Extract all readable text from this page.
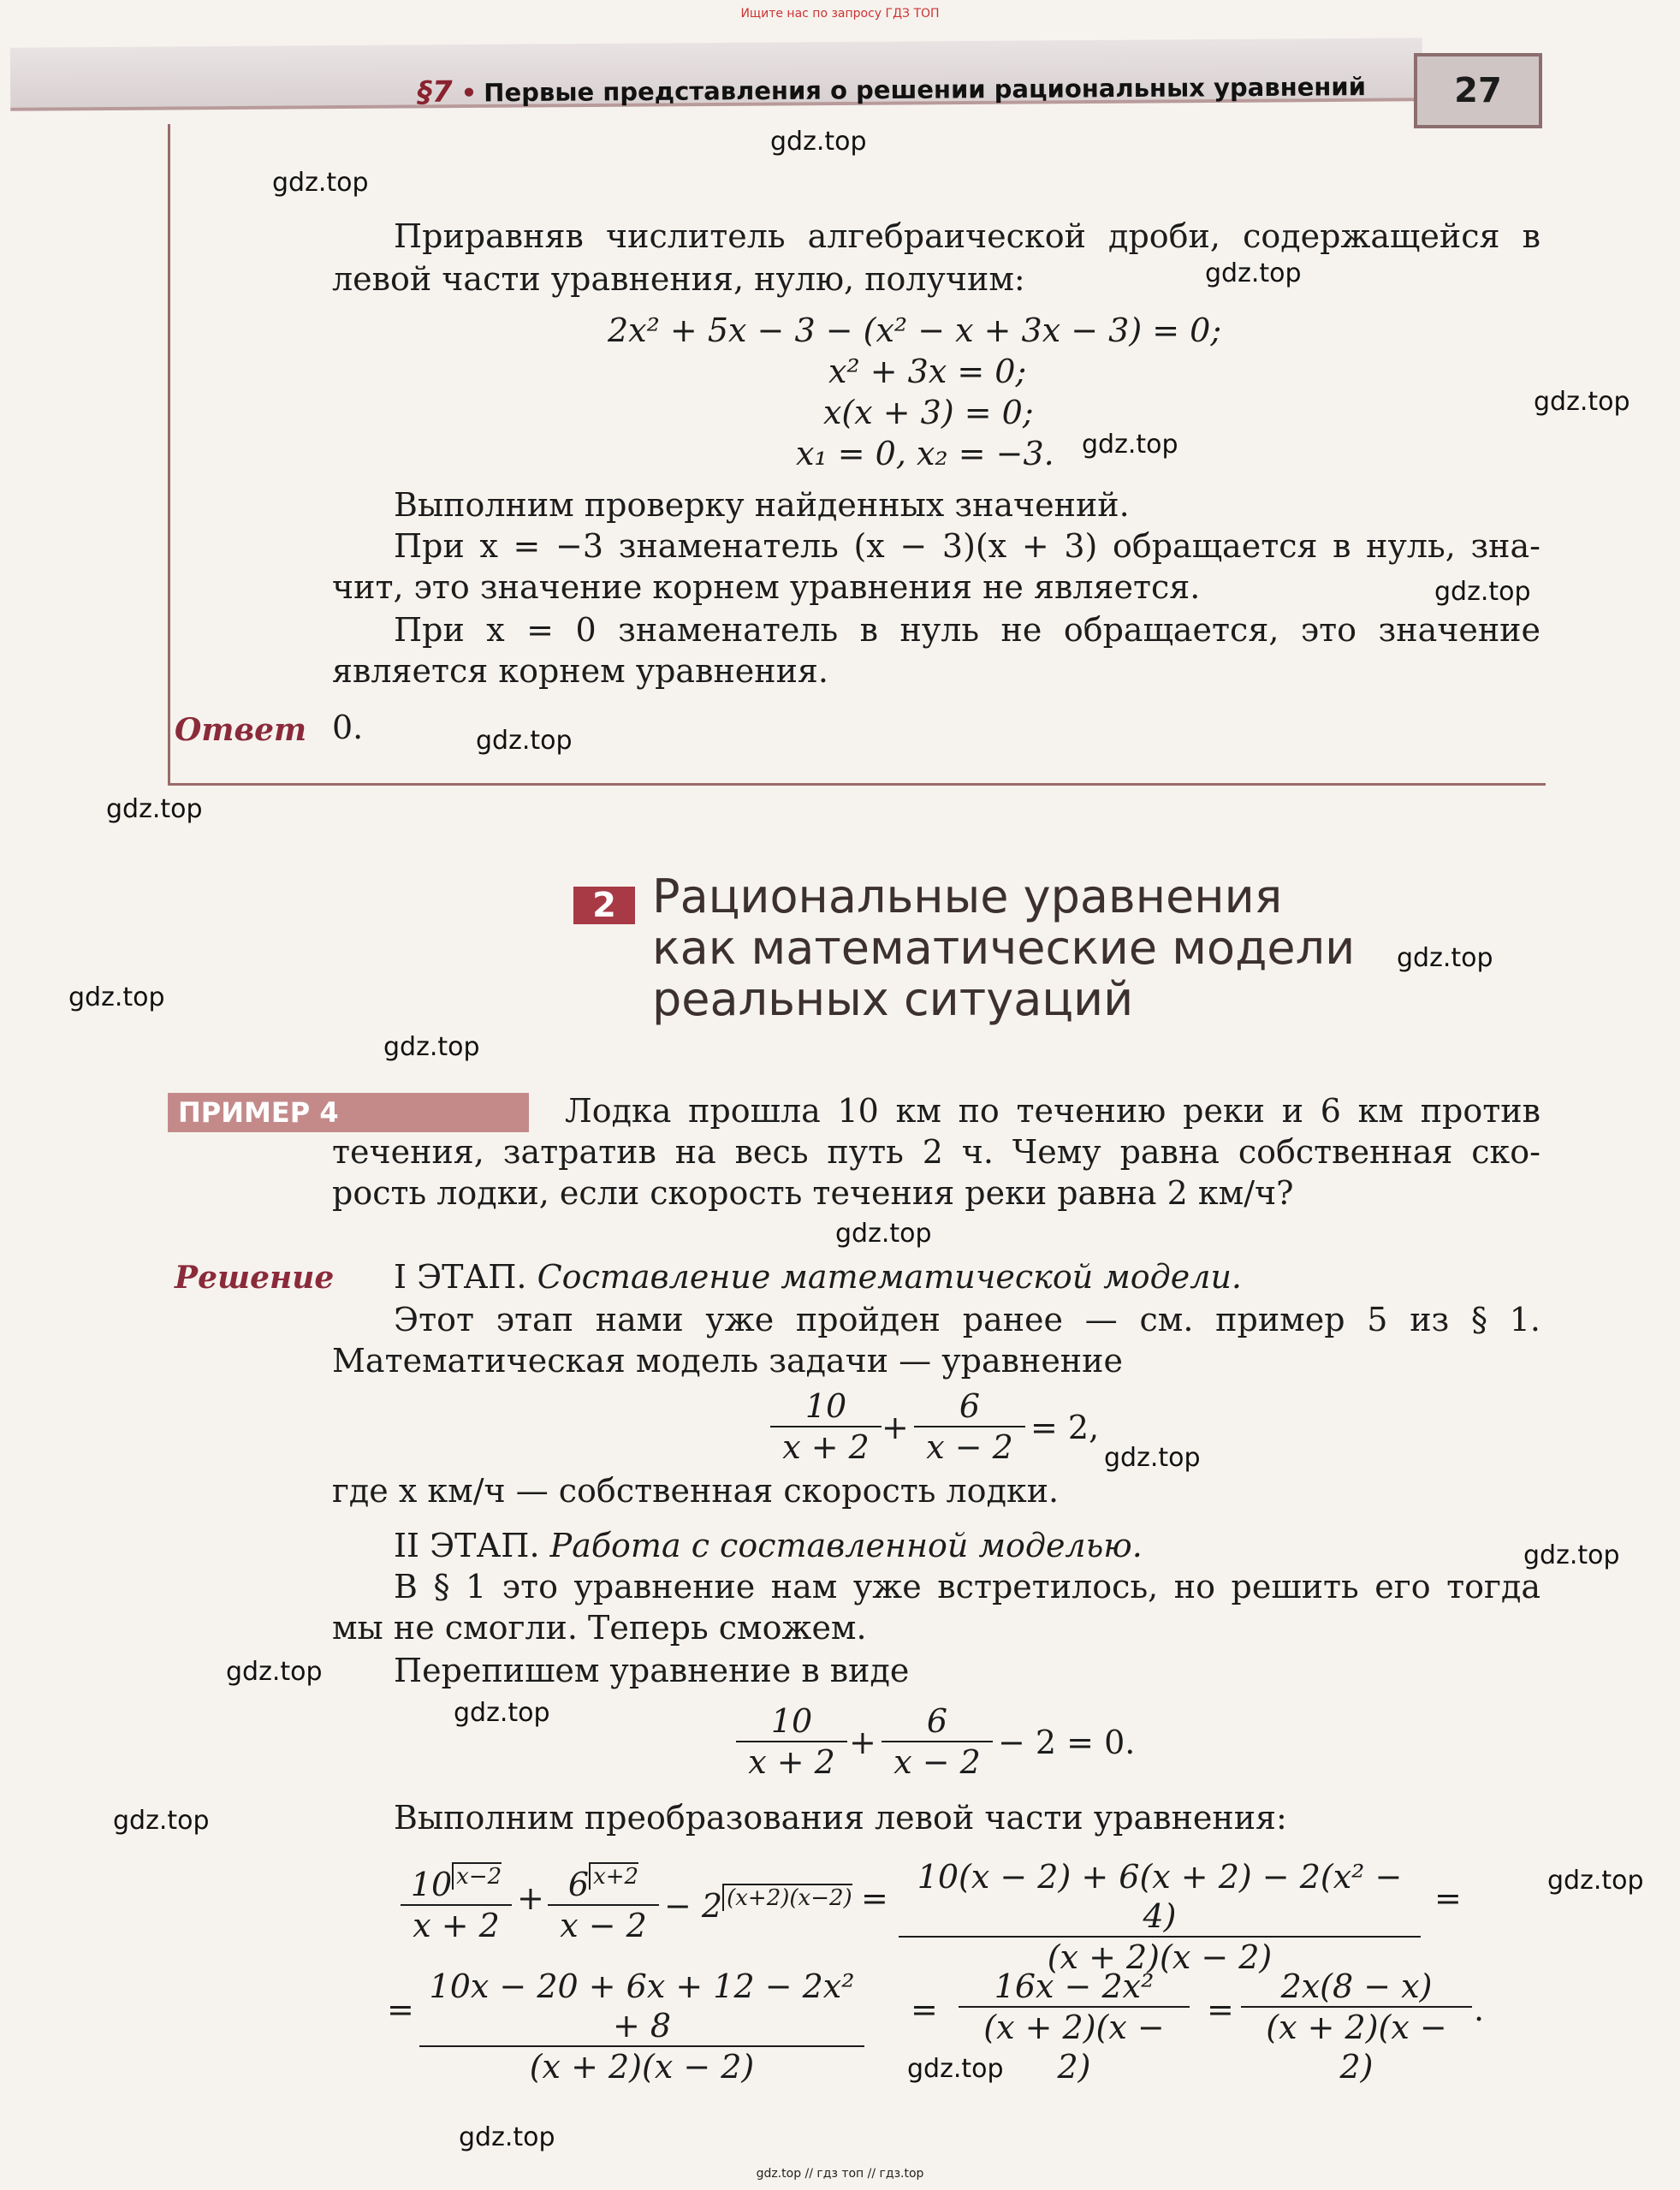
Ищите нас по запросу ГДЗ ТОП
§7 • Первые представления о решении рациональных уравнений	27
Приравняв числитель алгебраической дроби, содержащейся в
левой части уравнения, нулю, получим:
2x² + 5x − 3 − (x² − x + 3x − 3) = 0;
x² + 3x = 0;
x(x + 3) = 0;
x₁ = 0, x₂ = −3.
Выполним проверку найденных значений.
При x = −3 знаменатель (x − 3)(x + 3) обращается в нуль, зна-
чит, это значение корнем уравнения не является.
При x = 0 знаменатель в нуль не обращается, это значение
является корнем уравнения.
Ответ 0.
2 Рациональные уравнения
как математические модели
реальных ситуаций
ПРИМЕР 4	Лодка прошла 10 км по течению реки и 6 км против
течения, затратив на весь путь 2 ч. Чему равна собственная ско-
рость лодки, если скорость течения реки равна 2 км/ч?
Решение I ЭТАП. Составление математической модели.
Этот этап нами уже пройден ранее — см. пример 5 из § 1.
Математическая модель задачи — уравнение
$\frac{10}{x + 2} + \frac{6}{x - 2} = 2$,
где x км/ч — собственная скорость лодки.
II ЭТАП. Работа с составленной моделью.
В § 1 это уравнение нам уже встретилось, но решить его тогда
мы не смогли. Теперь сможем.
Перепишем уравнение в виде
$\frac{10}{x + 2} + \frac{6}{x - 2} - 2 = 0$.
Выполним преобразования левой части уравнения:
$\frac{10 ^{x-2}}{x + 2} + \frac{6 ^{x+2}}{x - 2} - 2$ $^{(x+2)(x-2)} = \frac{\text{10(x − 2) + 6(x + 2) − 2(x² − 4)}}{(x + 2)(x - 2)}$ =
= $\frac{\text{10x − 20 + 6x + 12 − 2x² + 8}}{(x + 2)(x - 2)} = \frac{\text{16x − 2x²}}{(x + 2)(x - 2)} = \frac{2x(8 - x)}{(x + 2)(x - 2)}$ .
gdz.top
gdz.top
gdz.top
gdz.top
gdz.top
gdz.top
gdz.top
gdz.top
gdz.top
gdz.top
gdz.top
gdz.top
gdz.top
gdz.top
gdz.top
gdz.top
gdz.top
gdz.top
gdz.top
gdz.top
gdz.top // гдз топ // гдз.top
